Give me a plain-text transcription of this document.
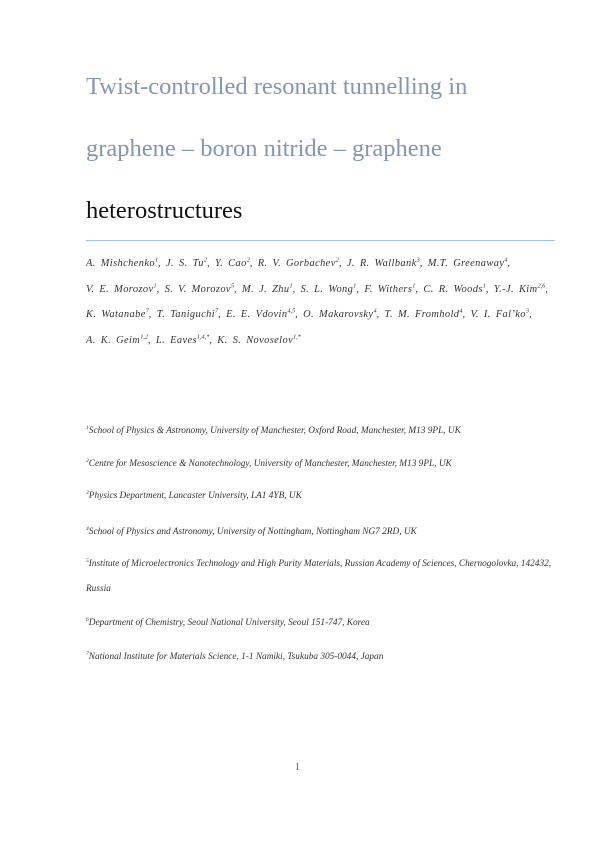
Twist-controlled resonant tunnelling in
graphene – boron nitride – graphene
heterostructures
A. Mishchenko$^1$, J. S. Tu$^2$, Y. Cao$^2$, R. V. Gorbachev$^2$, J. R. Wallbank$^3$, M.T. Greenaway$^4$, V. E. Morozov$^1$, S. V. Morozov$^5$, M. J. Zhu$^1$, S. L. Wong$^1$, F. Withers$^1$, C. R. Woods$^1$, Y.-J. Kim$^{2,6}$, K. Watanabe$^7$, T. Taniguchi$^7$, E. E. Vdovin$^{4,5}$, O. Makarovsky$^4$, T. M. Fromhold$^4$, V. I. $Fal’ko^3$, A. K. Geim$^{1,2}$, L. Eaves$^{1,4,*}$, K. S. Novoselov$^{1,*}$
$^1$School of Physics & Astronomy, University of Manchester, Oxford Road, Manchester, M13 9PL, UK
$^2$Centre for Mesoscience & Nanotechnology, University of Manchester, Manchester, M13 9PL, UK
$^3$Physics Department, Lancaster University, LA1 4YB, UK
$^4$School of Physics and Astronomy, University of Nottingham, Nottingham NG7 2RD, UK
$^5$Institute of Microelectronics Technology and High Purity Materials, Russian Academy of Sciences, Chernogolovka, 142432, Russia
$^6$Department of Chemistry, Seoul National University, Seoul 151-747, Korea
$^7$National Institute for Materials Science, 1-1 Namiki, Tsukuba 305-0044, Japan
1
